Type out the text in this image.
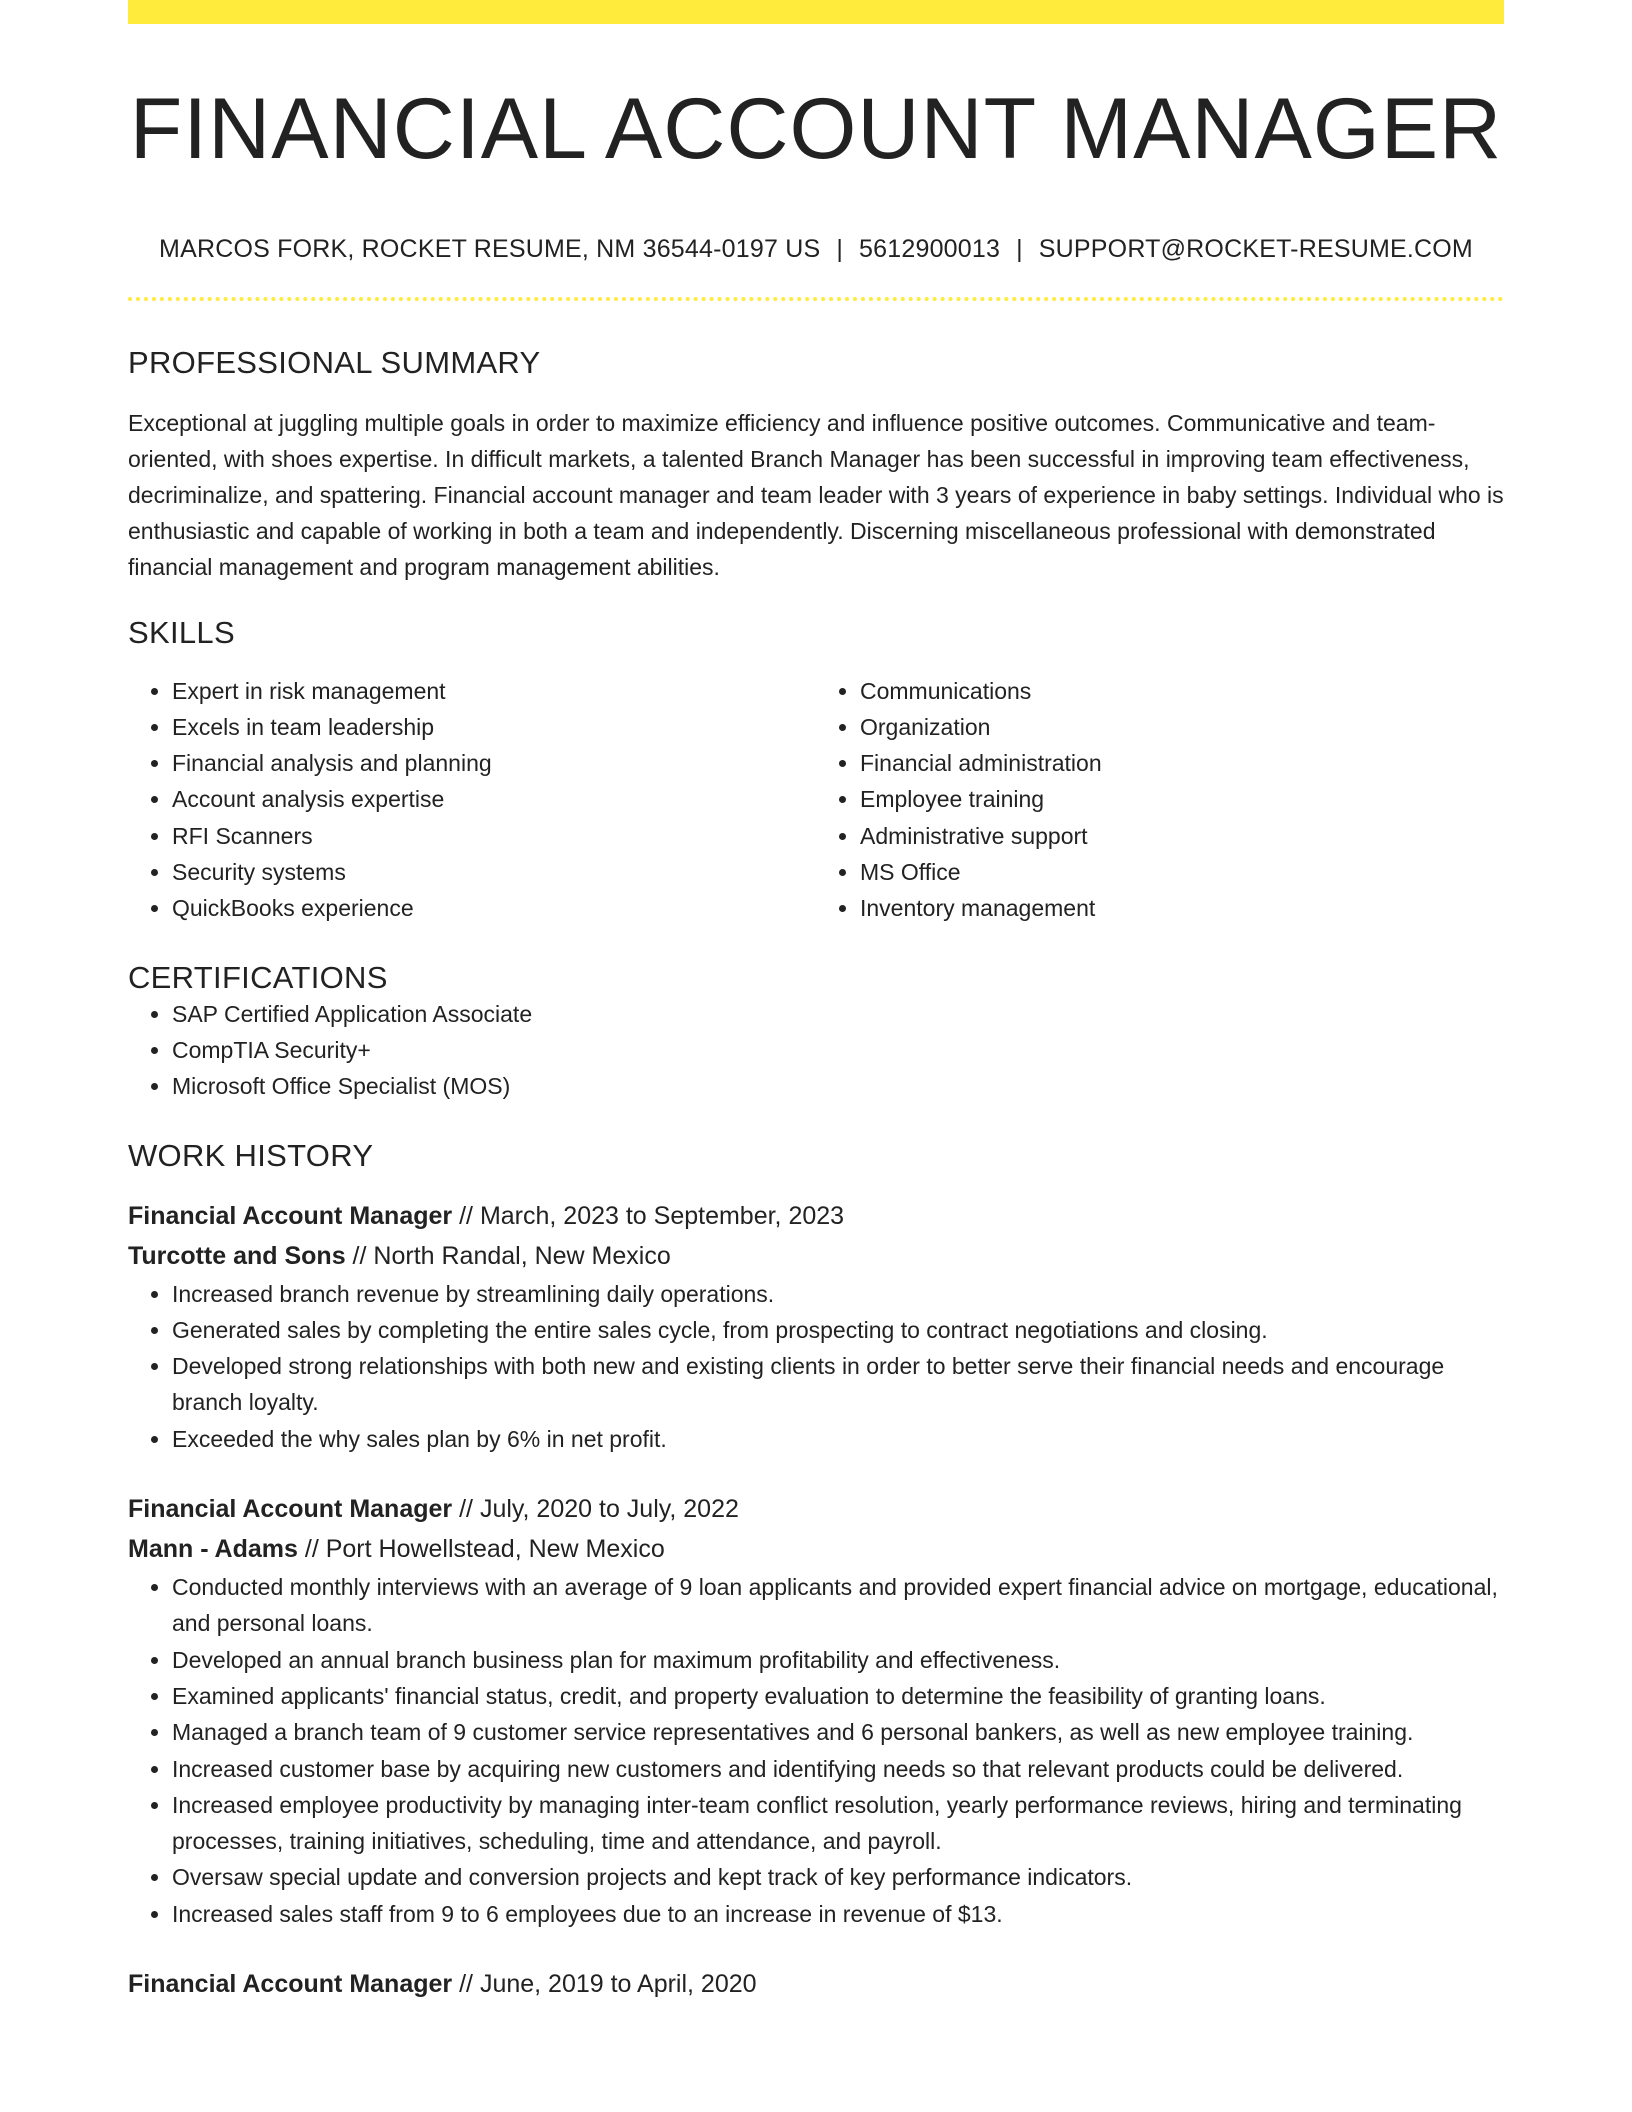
FINANCIAL ACCOUNT MANAGER
MARCOS FORK, ROCKET RESUME, NM 36544-0197 US | 5612900013 | SUPPORT@ROCKET-RESUME.COM
PROFESSIONAL SUMMARY

Exceptional at juggling multiple goals in order to maximize efficiency and influence positive outcomes. Communicative and team-oriented, with shoes expertise. In difficult markets, a talented Branch Manager has been successful in improving team effectiveness, decriminalize, and spattering. Financial account manager and team leader with 3 years of experience in baby settings. Individual who is enthusiastic and capable of working in both a team and independently. Discerning miscellaneous professional with demonstrated financial management and program management abilities.

SKILLS
• Expert in risk management
• Excels in team leadership
• Financial analysis and planning
• Account analysis expertise
• RFI Scanners
• Security systems
• QuickBooks experience
• Communications
• Organization
• Financial administration
• Employee training
• Administrative support
• MS Office
• Inventory management
CERTIFICATIONS
• SAP Certified Application Associate
• CompTIA Security+
• Microsoft Office Specialist (MOS)
WORK HISTORY
Financial Account Manager // March, 2023 to September, 2023
Turcotte and Sons // North Randal, New Mexico
• Increased branch revenue by streamlining daily operations.
• Generated sales by completing the entire sales cycle, from prospecting to contract negotiations and closing.
• Developed strong relationships with both new and existing clients in order to better serve their financial needs and encourage branch loyalty.
• Exceeded the why sales plan by 6% in net profit.
Financial Account Manager // July, 2020 to July, 2022
Mann - Adams // Port Howellstead, New Mexico
• Conducted monthly interviews with an average of 9 loan applicants and provided expert financial advice on mortgage, educational, and personal loans.
• Developed an annual branch business plan for maximum profitability and effectiveness.
• Examined applicants' financial status, credit, and property evaluation to determine the feasibility of granting loans.
• Managed a branch team of 9 customer service representatives and 6 personal bankers, as well as new employee training.
• Increased customer base by acquiring new customers and identifying needs so that relevant products could be delivered.
• Increased employee productivity by managing inter-team conflict resolution, yearly performance reviews, hiring and terminating processes, training initiatives, scheduling, time and attendance, and payroll.
• Oversaw special update and conversion projects and kept track of key performance indicators.
• Increased sales staff from 9 to 6 employees due to an increase in revenue of $13.
Financial Account Manager // June, 2019 to April, 2020
